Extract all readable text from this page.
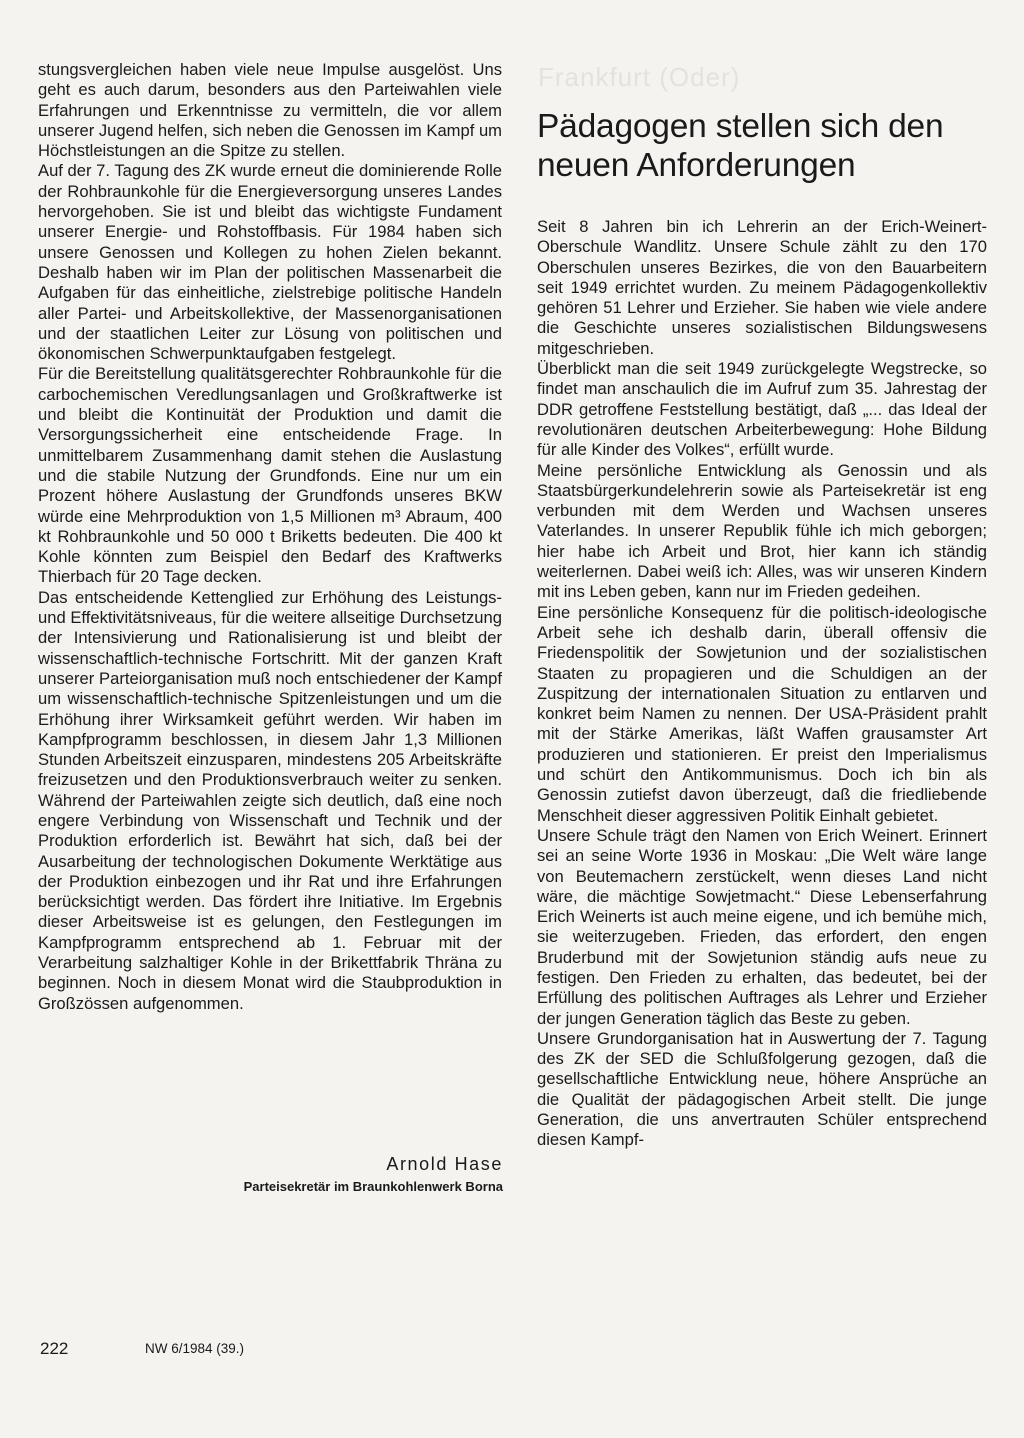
stungsvergleichen haben viele neue Impulse ausgelöst. Uns geht es auch darum, besonders aus den Parteiwahlen viele Erfahrungen und Erkenntnisse zu vermitteln, die vor allem unserer Jugend helfen, sich neben die Genossen im Kampf um Höchstleistungen an die Spitze zu stellen.

Auf der 7. Tagung des ZK wurde erneut die dominierende Rolle der Rohbraunkohle für die Energieversorgung unseres Landes hervorgehoben. Sie ist und bleibt das wichtigste Fundament unserer Energie- und Rohstoffbasis. Für 1984 haben sich unsere Genossen und Kollegen zu hohen Zielen bekannt. Deshalb haben wir im Plan der politischen Massenarbeit die Aufgaben für das einheitliche, zielstrebige politische Handeln aller Partei- und Arbeitskollektive, der Massenorganisationen und der staatlichen Leiter zur Lösung von politischen und ökonomischen Schwerpunktaufgaben festgelegt.

Für die Bereitstellung qualitätsgerechter Rohbraunkohle für die carbochemischen Veredlungsanlagen und Großkraftwerke ist und bleibt die Kontinuität der Produktion und damit die Versorgungssicherheit eine entscheidende Frage. In unmittelbarem Zusammenhang damit stehen die Auslastung und die stabile Nutzung der Grundfonds. Eine nur um ein Prozent höhere Auslastung der Grundfonds unseres BKW würde eine Mehrproduktion von 1,5 Millionen m³ Abraum, 400 kt Rohbraunkohle und 50 000 t Briketts bedeuten. Die 400 kt Kohle könnten zum Beispiel den Bedarf des Kraftwerks Thierbach für 20 Tage decken.

Das entscheidende Kettenglied zur Erhöhung des Leistungs- und Effektivitätsniveaus, für die weitere allseitige Durchsetzung der Intensivierung und Rationalisierung ist und bleibt der wissenschaftlich-technische Fortschritt. Mit der ganzen Kraft unserer Parteiorganisation muß noch entschiedener der Kampf um wissenschaftlich-technische Spitzenleistungen und um die Erhöhung ihrer Wirksamkeit geführt werden. Wir haben im Kampfprogramm beschlossen, in diesem Jahr 1,3 Millionen Stunden Arbeitszeit einzusparen, mindestens 205 Arbeitskräfte freizusetzen und den Produktionsverbrauch weiter zu senken. Während der Parteiwahlen zeigte sich deutlich, daß eine noch engere Verbindung von Wissenschaft und Technik und der Produktion erforderlich ist. Bewährt hat sich, daß bei der Ausarbeitung der technologischen Dokumente Werktätige aus der Produktion einbezogen und ihr Rat und ihre Erfahrungen berücksichtigt werden. Das fördert ihre Initiative. Im Ergebnis dieser Arbeitsweise ist es gelungen, den Festlegungen im Kampfprogramm entsprechend ab 1. Februar mit der Verarbeitung salzhaltiger Kohle in der Brikettfabrik Thräna zu beginnen. Noch in diesem Monat wird die Staubproduktion in Großzössen aufgenommen.

Arnold Hase
Parteisekretär im Braunkohlenwerk Borna
Frankfurt (Oder)
Pädagogen stellen sich den neuen Anforderungen

Seit 8 Jahren bin ich Lehrerin an der Erich-Weinert-Oberschule Wandlitz. Unsere Schule zählt zu den 170 Oberschulen unseres Bezirkes, die von den Bauarbeitern seit 1949 errichtet wurden. Zu meinem Pädagogenkollektiv gehören 51 Lehrer und Erzieher. Sie haben wie viele andere die Geschichte unseres sozialistischen Bildungswesens mitgeschrieben.

Überblickt man die seit 1949 zurückgelegte Wegstrecke, so findet man anschaulich die im Aufruf zum 35. Jahrestag der DDR getroffene Feststellung bestätigt, daß „... das Ideal der revolutionären deutschen Arbeiterbewegung: Hohe Bildung für alle Kinder des Volkes“, erfüllt wurde.

Meine persönliche Entwicklung als Genossin und als Staatsbürgerkundelehrerin sowie als Parteisekretär ist eng verbunden mit dem Werden und Wachsen unseres Vaterlandes. In unserer Republik fühle ich mich geborgen; hier habe ich Arbeit und Brot, hier kann ich ständig weiterlernen. Dabei weiß ich: Alles, was wir unseren Kindern mit ins Leben geben, kann nur im Frieden gedeihen.

Eine persönliche Konsequenz für die politisch-ideologische Arbeit sehe ich deshalb darin, überall offensiv die Friedenspolitik der Sowjetunion und der sozialistischen Staaten zu propagieren und die Schuldigen an der Zuspitzung der internationalen Situation zu entlarven und konkret beim Namen zu nennen. Der USA-Präsident prahlt mit der Stärke Amerikas, läßt Waffen grausamster Art produzieren und stationieren. Er preist den Imperialismus und schürt den Antikommunismus. Doch ich bin als Genossin zutiefst davon überzeugt, daß die friedliebende Menschheit dieser aggressiven Politik Einhalt gebietet.

Unsere Schule trägt den Namen von Erich Weinert. Erinnert sei an seine Worte 1936 in Moskau: „Die Welt wäre lange von Beutemachern zerstückelt, wenn dieses Land nicht wäre, die mächtige Sowjetmacht.“ Diese Lebenserfahrung Erich Weinerts ist auch meine eigene, und ich bemühe mich, sie weiterzugeben. Frieden, das erfordert, den engen Bruderbund mit der Sowjetunion ständig aufs neue zu festigen. Den Frieden zu erhalten, das bedeutet, bei der Erfüllung des politischen Auftrages als Lehrer und Erzieher der jungen Generation täglich das Beste zu geben.

Unsere Grundorganisation hat in Auswertung der 7. Tagung des ZK der SED die Schlußfolgerung gezogen, daß die gesellschaftliche Entwicklung neue, höhere Ansprüche an die Qualität der pädagogischen Arbeit stellt. Die junge Generation, die uns anvertrauten Schüler entsprechend diesen Kampf-

222	NW 6/1984 (39.)
